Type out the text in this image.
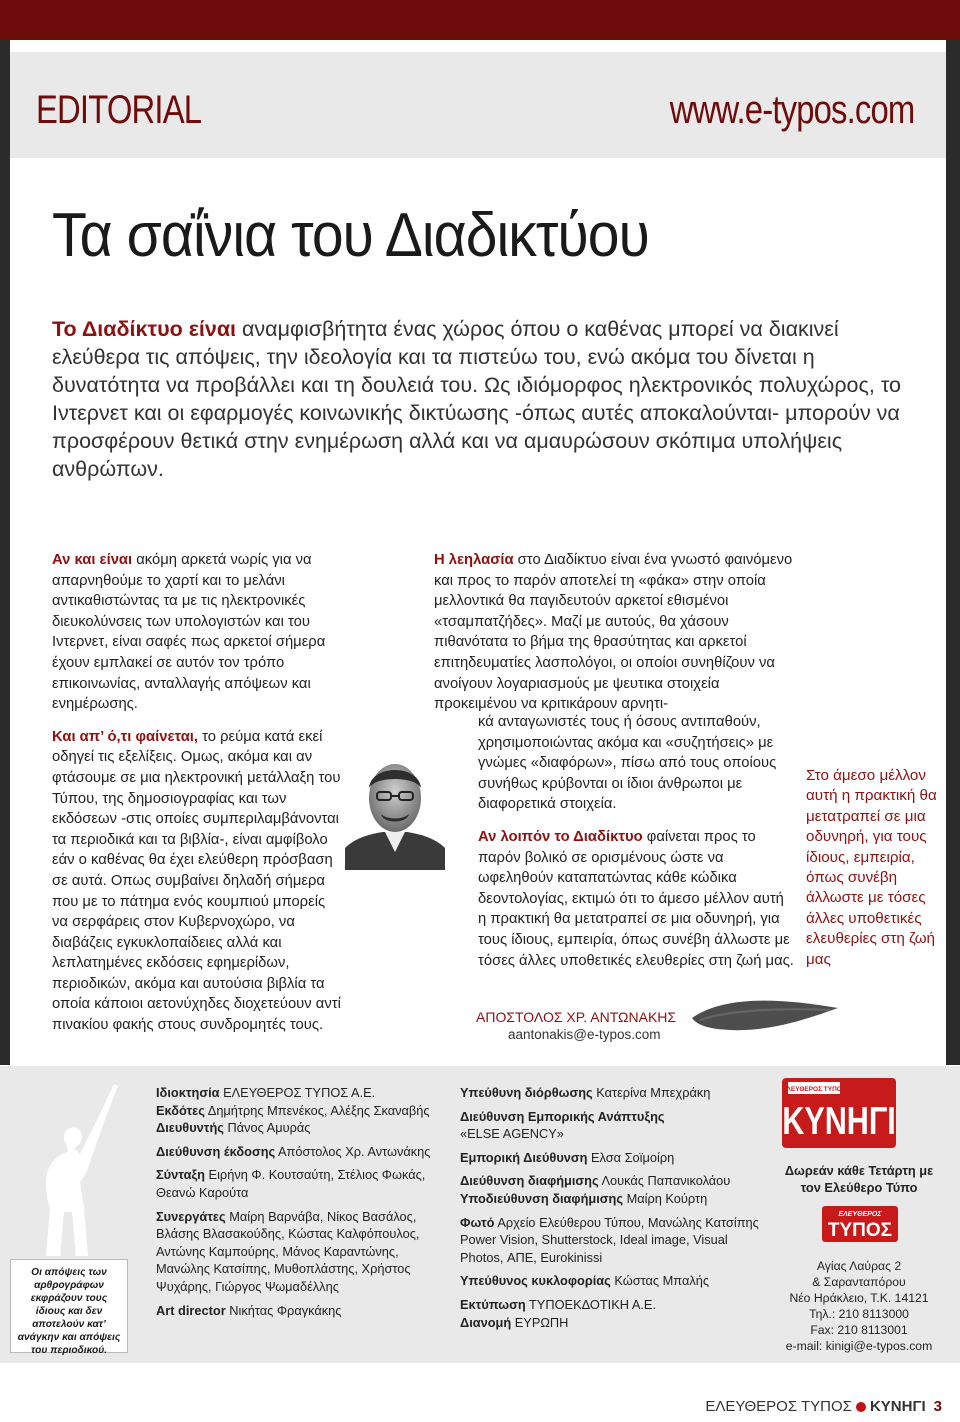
EDITORIAL	www.e-typos.com
Τα σαΐνια του Διαδικτύου
Το Διαδίκτυο είναι αναμφισβήτητα ένας χώρος όπου ο καθένας μπορεί να διακινεί ελεύθερα τις απόψεις, την ιδεολογία και τα πιστεύω του, ενώ ακόμα του δίνεται η δυνατότητα να προβάλλει και τη δουλειά του. Ως ιδιόμορφος ηλεκτρονικός πολυχώρος, το Ιντερνετ και οι εφαρμογές κοινωνικής δικτύωσης -όπως αυτές αποκαλούνται- μπορούν να προσφέρουν θετικά στην ενημέρωση αλλά και να αμαυρώσουν σκόπιμα υπολήψεις ανθρώπων.

Αν και είναι ακόμη αρκετά νωρίς για να απαρνηθούμε το χαρτί και το μελάνι αντικαθιστώντας τα με τις ηλεκτρονικές διευκολύνσεις των υπολογιστών και του Ιντερνετ, είναι σαφές πως αρκετοί σήμερα έχουν εμπλακεί σε αυτόν τον τρόπο επικοινωνίας, ανταλλαγής απόψεων και ενημέρωσης.

Και απ’ ό,τι φαίνεται, το ρεύμα κατά εκεί οδηγεί τις εξελίξεις. Ομως, ακόμα και αν φτάσουμε σε μια ηλεκτρονική μετάλλαξη του Τύπου, της δημοσιογραφίας και των εκδόσεων -στις οποίες συμπεριλαμβάνονται τα περιοδικά και τα βιβλία-, είναι αμφίβολο εάν ο καθένας θα έχει ελεύθερη πρόσβαση σε αυτά. Οπως συμβαίνει δηλαδή σήμερα που με το πάτημα ενός κουμπιού μπορείς να σερφάρεις στον Κυβερνοχώρο, να διαβάζεις εγκυκλοπαίδειες αλλά και λεπλατημένες εκδόσεις εφημερίδων, περιοδικών, ακόμα και αυτούσια βιβλία τα οποία κάποιοι αετονύχηδες διοχετεύουν αντί πινακίου φακής στους συνδρομητές τους.

Η λεηλασία στο Διαδίκτυο είναι ένα γνωστό φαινόμενο και προς το παρόν αποτελεί τη «φάκα» στην οποία μελλοντικά θα παγιδευτούν αρκετοί εθισμένοι «τσαμπατζήδες». Μαζί με αυτούς, θα χάσουν πιθανότατα το βήμα της θρασύτητας και αρκετοί επιτηδευματίες λασπολόγοι, οι οποίοι συνηθίζουν να ανοίγουν λογαριασμούς με ψευτικα στοιχεία προκειμένου να κριτικάρουν αρνητι-

κά ανταγωνιστές τους ή όσους αντιπαθούν, χρησιμοποιώντας ακόμα και «συζητήσεις» με γνώμες «διαφόρων», πίσω από τους οποίους συνήθως κρύβονται οι ίδιοι άνθρωποι με διαφορετικά στοιχεία.

Αν λοιπόν το Διαδίκτυο φαίνεται προς το παρόν βολικό σε ορισμένους ώστε να ωφεληθούν καταπατώντας κάθε κώδικα δεοντολογίας, εκτιμώ ότι το άμεσο μέλλον αυτή η πρακτική θα μετατραπεί σε μια οδυνηρή, για τους ίδιους, εμπειρία, όπως συνέβη άλλωστε με τόσες άλλες υποθετικές ελευθερίες στη ζωή μας.

Στο άμεσο μέλλον αυτή η πρακτική θα μετατραπεί σε μια οδυνηρή, για τους ίδιους, εμπειρία, όπως συνέβη άλλωστε με τόσες άλλες υποθετικές ελευθερίες στη ζωή μας
ΑΠΟΣΤΟΛΟΣ ΧΡ. ΑΝΤΩΝΑΚΗΣ
aantonakis@e-typos.com
Οι απόψεις των αρθρογράφων εκφράζουν τους ίδιους και δεν αποτελούν κατ’ ανάγκην και απόψεις του περιοδικού.
Ιδιοκτησία ΕΛΕΥΘΕΡΟΣ ΤΥΠΟΣ Α.Ε.
Εκδότες Δημήτρης Μπενέκος, Αλέξης Σκαναβής
Διευθυντής Πάνος Αμυράς
Διεύθυνση έκδοσης Απόστολος Χρ. Αντωνάκης
Σύνταξη Ειρήνη Φ. Κουτσαύτη, Στέλιος Φωκάς, Θεανώ Καρούτα
Συνεργάτες Μαίρη Βαρνάβα, Νίκος Βασάλος, Βλάσης Βλασακούδης, Κώστας Καλφόπουλος, Αντώνης Καμπούρης, Μάνος Καραντώνης, Μανώλης Κατσίπης, Μυθοπλάστης, Χρήστος Ψυχάρης, Γιώργος Ψωμαδέλλης
Art director Νικήτας Φραγκάκης
Υπεύθυνη διόρθωσης Κατερίνα Μπεχράκη
Διεύθυνση Εμπορικής Ανάπτυξης
«ELSE AGENCY»
Εμπορική Διεύθυνση Ελσα Σοϊμοίρη
Διεύθυνση διαφήμισης Λουκάς Παπανικολάου
Υποδιεύθυνση διαφήμισης Μαίρη Κούρτη
Φωτό Αρχείο Ελεύθερου Τύπου, Μανώλης Κατσίπης Power Vision, Shutterstock, Ideal image, Visual Photos, ΑΠΕ, Eurokinissi
Υπεύθυνος κυκλοφορίας Κώστας Μπαλής
Εκτύπωση ΤΥΠΟΕΚΔΟΤΙΚΗ Α.Ε.
Διανομή ΕΥΡΩΠΗ
ΕΛΕΥΘΕΡΟΣ ΤΥΠΟΣ
ΚΥΝΗΓΙ
Δωρεάν κάθε Τετάρτη με τον Ελεύθερο Τύπο
ΕΛΕΥΘΕΡΟΣ
ΤΥΠΟΣ
Αγίας Λαύρας 2
& Σαρανταπόρου
Νέο Ηράκλειο, Τ.Κ. 14121
Τηλ.: 210 8113000
Fax: 210 8113001
e-mail: kinigi@e-typos.com
ΕΛΕΥΘΕΡΟΣ ΤΥΠΟΣ ΚΥΝΗΓΙ 3
